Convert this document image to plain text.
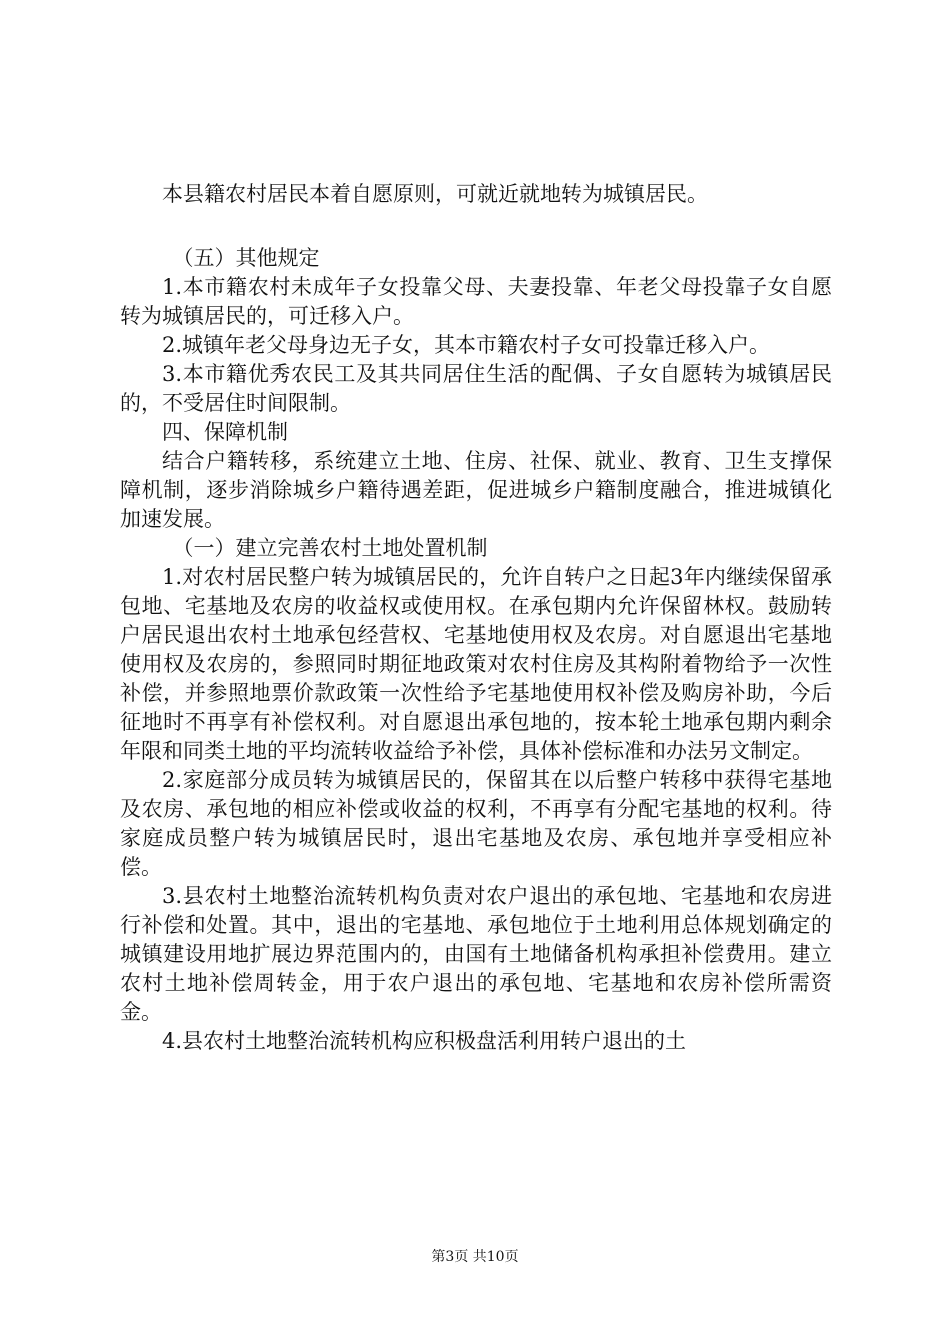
本县籍农村居民本着自愿原则，可就近就地转为城镇居民。

（五）其他规定

1.本市籍农村未成年子女投靠父母、夫妻投靠、年老父母投靠子女自愿转为城镇居民的，可迁移入户。

2.城镇年老父母身边无子女，其本市籍农村子女可投靠迁移入户。

3.本市籍优秀农民工及其共同居住生活的配偶、子女自愿转为城镇居民的，不受居住时间限制。

四、保障机制

结合户籍转移，系统建立土地、住房、社保、就业、教育、卫生支撑保障机制，逐步消除城乡户籍待遇差距，促进城乡户籍制度融合，推进城镇化加速发展。

（一）建立完善农村土地处置机制

1.对农村居民整户转为城镇居民的，允许自转户之日起3年内继续保留承包地、宅基地及农房的收益权或使用权。在承包期内允许保留林权。鼓励转户居民退出农村土地承包经营权、宅基地使用权及农房。对自愿退出宅基地使用权及农房的，参照同时期征地政策对农村住房及其构附着物给予一次性补偿，并参照地票价款政策一次性给予宅基地使用权补偿及购房补助，今后征地时不再享有补偿权利。对自愿退出承包地的，按本轮土地承包期内剩余年限和同类土地的平均流转收益给予补偿，具体补偿标准和办法另文制定。

2.家庭部分成员转为城镇居民的，保留其在以后整户转移中获得宅基地及农房、承包地的相应补偿或收益的权利，不再享有分配宅基地的权利。待家庭成员整户转为城镇居民时，退出宅基地及农房、承包地并享受相应补偿。

3.县农村土地整治流转机构负责对农户退出的承包地、宅基地和农房进行补偿和处置。其中，退出的宅基地、承包地位于土地利用总体规划确定的城镇建设用地扩展边界范围内的，由国有土地储备机构承担补偿费用。建立农村土地补偿周转金，用于农户退出的承包地、宅基地和农房补偿所需资金。

4.县农村土地整治流转机构应积极盘活利用转户退出的土

第3页 共10页
